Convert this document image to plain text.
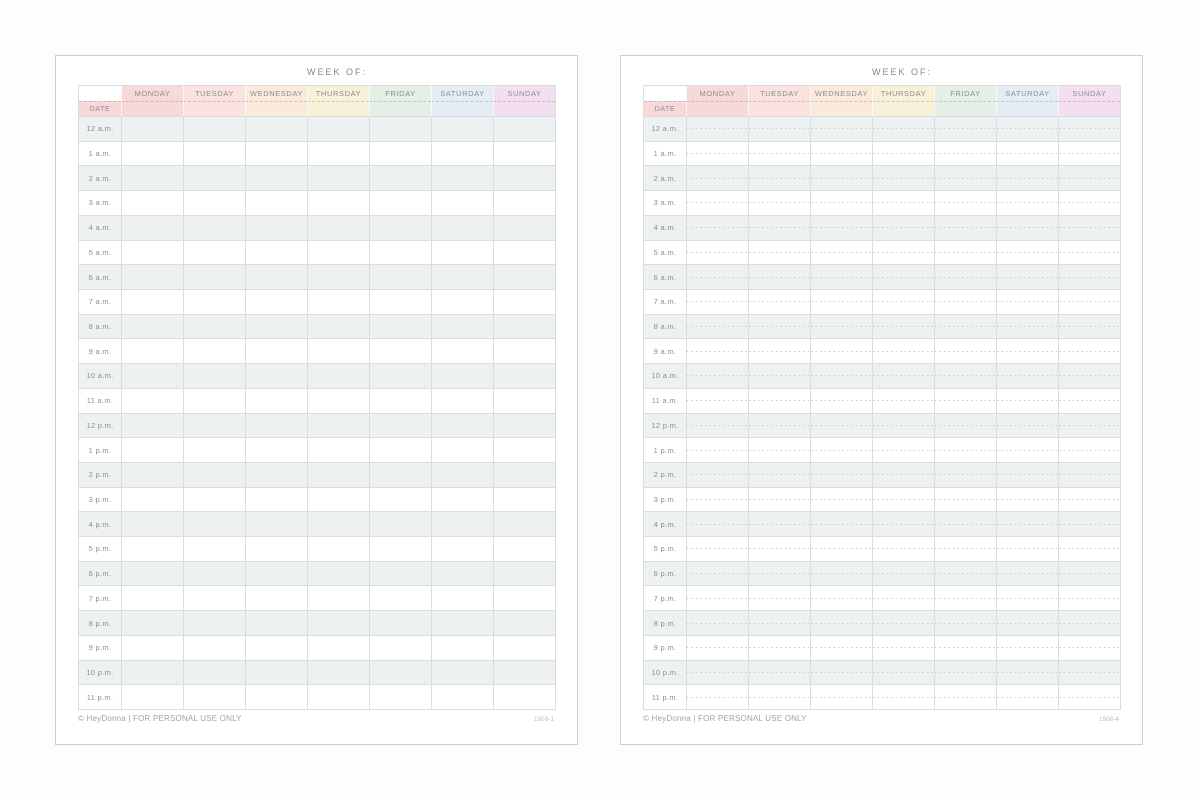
WEEK OF:
MONDAY	TUESDAY	WEDNESDAY	THURSDAY	FRIDAY	SATURDAY	SUNDAY
DATE
12 a.m.
1 a.m.
2 a.m.
3 a.m.
4 a.m.
5 a.m.
6 a.m.
7 a.m.
8 a.m.
9 a.m.
10 a.m.
11 a.m.
12 p.m.
1 p.m.
2 p.m.
3 p.m.
4 p.m.
5 p.m.
6 p.m.
7 p.m.
8 p.m.
9 p.m.
10 p.m.
11 p.m.
© HeyDonna | FOR PERSONAL USE ONLY	1908-1
WEEK OF:
MONDAY	TUESDAY	WEDNESDAY	THURSDAY	FRIDAY	SATURDAY	SUNDAY
DATE
12 a.m.
1 a.m.
2 a.m.
3 a.m.
4 a.m.
5 a.m.
6 a.m.
7 a.m.
8 a.m.
9 a.m.
10 a.m.
11 a.m.
12 p.m.
1 p.m.
2 p.m.
3 p.m.
4 p.m.
5 p.m.
6 p.m.
7 p.m.
8 p.m.
9 p.m.
10 p.m.
11 p.m.
© HeyDonna | FOR PERSONAL USE ONLY	1908-4
